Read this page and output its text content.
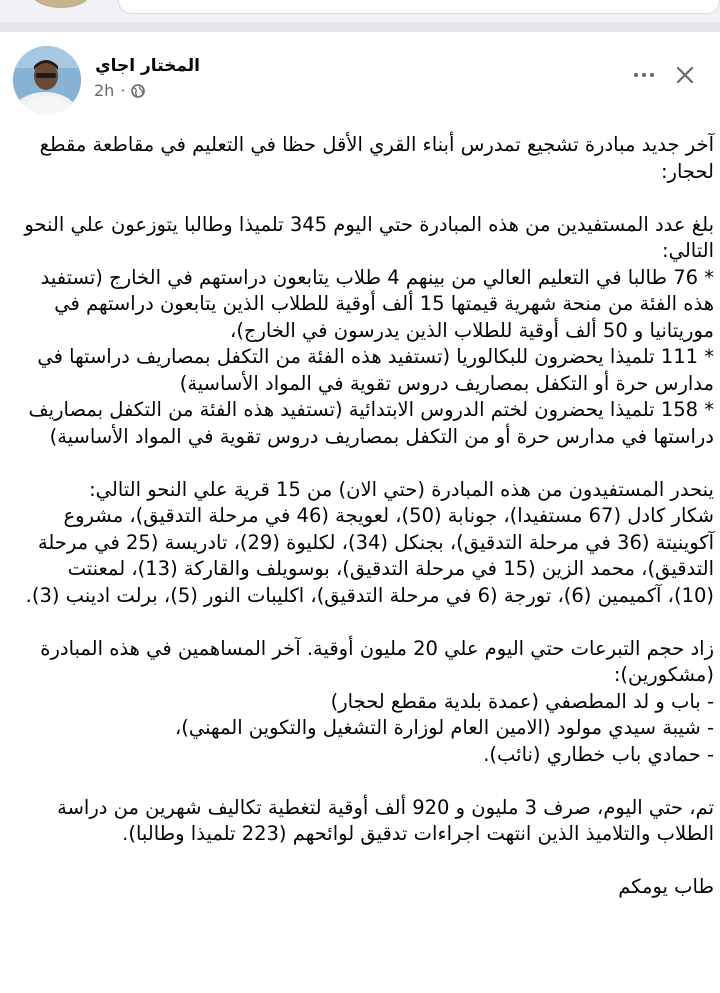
المختار اجاي
2h ·

آخر جديد مبادرة تشجيع تمدرس أبناء القري الأقل حظا في التعليم في مقاطعة مقطع لحجار:

بلغ عدد المستفيدين من هذه المبادرة حتي اليوم 345 تلميذا وطالبا يتوزعون علي النحو التالي:

* 76 طالبا في التعليم العالي من بينهم 4 طلاب يتابعون دراستهم في الخارج (تستفيد هذه الفئة من منحة شهرية قيمتها 15 ألف أوقية للطلاب الذين يتابعون دراستهم في موريتانيا و 50 ألف أوقية للطلاب الذين يدرسون في الخارج)،

* 111 تلميذا يحضرون للبكالوريا (تستفيد هذه الفئة من التكفل بمصاريف دراستها في مدارس حرة أو التكفل بمصاريف دروس تقوية في المواد الأساسية)

* 158 تلميذا يحضرون لختم الدروس الابتدائية (تستفيد هذه الفئة من التكفل بمصاريف دراستها في مدارس حرة أو من التكفل بمصاريف دروس تقوية في المواد الأساسية)

ينحدر المستفيدون من هذه المبادرة (حتي الان) من 15 قرية علي النحو التالي:

شكار كادل (67 مستفيدا)، جونابة (50)، لعويجة (46 في مرحلة التدقيق)، مشروع آكوينيتة (36 في مرحلة التدقيق)، بجنكل (34)، لكليوة (29)، تادريسة (25 في مرحلة التدقيق)، محمد الزين (15 في مرحلة التدقيق)، بوسويلف والقاركة (13)، لمعنتت (10)، آكميمين (6)، تورجة (6 في مرحلة التدقيق)، اكليبات النور (5)، برلت ادينب (3).

زاد حجم التبرعات حتي اليوم علي 20 مليون أوقية. آخر المساهمين في هذه المبادرة (مشكورين):

- باب و لد المطصفي (عمدة بلدية مقطع لحجار)

- شيبة سيدي مولود (الامين العام لوزارة التشغيل والتكوين المهني)،

- حمادي باب خطاري (نائب).

تم، حتي اليوم، صرف 3 مليون و 920 ألف أوقية لتغطية تكاليف شهرين من دراسة الطلاب والتلاميذ الذين انتهت اجراءات تدقيق لوائحهم (223 تلميذا وطالبا).

طاب يومكم
